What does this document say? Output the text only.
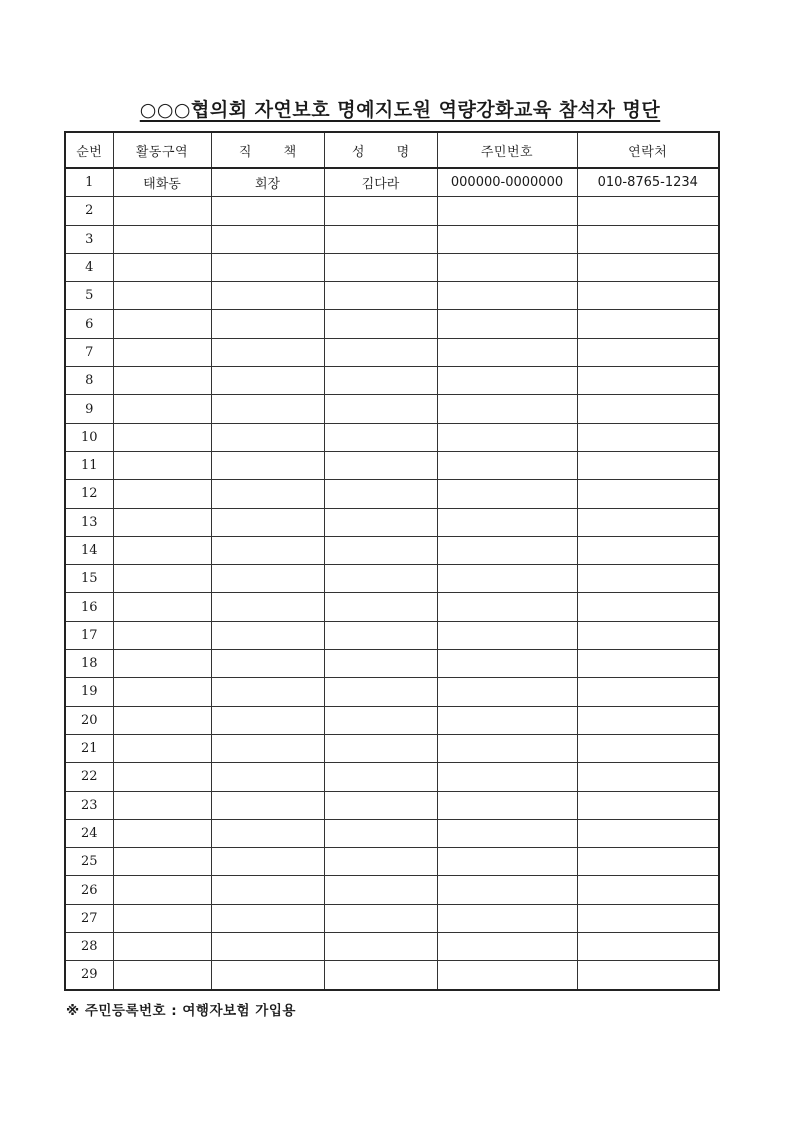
○○○협의회 자연보호 명예지도원 역량강화교육 참석자 명단
순번	활동구역	직 책	성 명	주민번호	연락처
1	태화동	회장	김다라	000000-0000000	010-8765-1234
2					
3					
4					
5					
6					
7					
8					
9					
10					
11					
12					
13					
14					
15					
16					
17					
18					
19					
20					
21					
22					
23					
24					
25					
26					
27					
28					
29					
※ 주민등록번호 : 여행자보험 가입용
